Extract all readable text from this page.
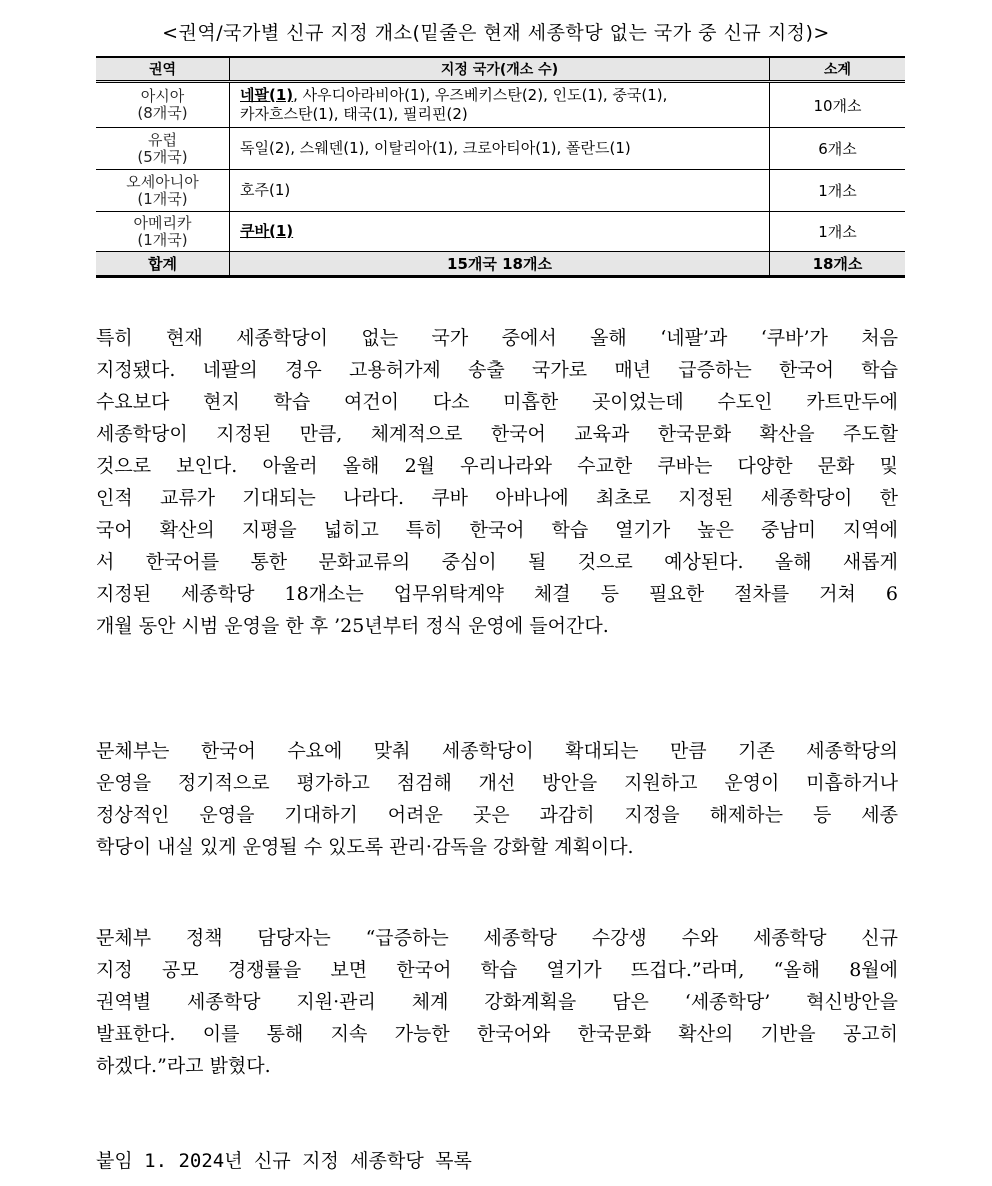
<권역/국가별 신규 지정 개소(밑줄은 현재 세종학당 없는 국가 중 신규 지정)>
권역	지정 국가(개소 수)	소계

아시아
(8개국)

네팔(1), 사우디아라비아(1), 우즈베키스탄(2), 인도(1), 중국(1),
카자흐스탄(1), 태국(1), 필리핀(2)	10개소

유럽
(5개국)	독일(2), 스웨덴(1), 이탈리아(1), 크로아티아(1), 폴란드(1)	6개소

오세아니아
(1개국)	호주(1)	1개소

아메리카
(1개국)	쿠바(1)	1개소
합계	15개국 18개소	18개소
특히 현재 세종학당이 없는 국가 중에서 올해 ‘네팔’과 ‘쿠바’가 처음
지정됐다. 네팔의 경우 고용허가제 송출 국가로 매년 급증하는 한국어 학습
수요보다 현지 학습 여건이 다소 미흡한 곳이었는데 수도인 카트만두에
세종학당이 지정된 만큼, 체계적으로 한국어 교육과 한국문화 확산을 주도할
것으로 보인다. 아울러 올해 2월 우리나라와 수교한 쿠바는 다양한 문화 및
인적 교류가 기대되는 나라다. 쿠바 아바나에 최초로 지정된 세종학당이 한
국어 확산의 지평을 넓히고 특히 한국어 학습 열기가 높은 중남미 지역에
서 한국어를 통한 문화교류의 중심이 될 것으로 예상된다. 올해 새롭게
지정된 세종학당 18개소는 업무위탁계약 체결 등 필요한 절차를 거쳐 6
개월 동안 시범 운영을 한 후 ’25년부터 정식 운영에 들어간다.
문체부는 한국어 수요에 맞춰 세종학당이 확대되는 만큼 기존 세종학당의
운영을 정기적으로 평가하고 점검해 개선 방안을 지원하고 운영이 미흡하거나
정상적인 운영을 기대하기 어려운 곳은 과감히 지정을 해제하는 등 세종
학당이 내실 있게 운영될 수 있도록 관리·감독을 강화할 계획이다.
문체부 정책 담당자는 “급증하는 세종학당 수강생 수와 세종학당 신규
지정 공모 경쟁률을 보면 한국어 학습 열기가 뜨겁다.”라며, “올해 8월에
권역별 세종학당 지원·관리 체계 강화계획을 담은 ‘세종학당’ 혁신방안을
발표한다. 이를 통해 지속 가능한 한국어와 한국문화 확산의 기반을 공고히
하겠다.”라고 밝혔다.
붙임 1. 2024년 신규 지정 세종학당 목록
